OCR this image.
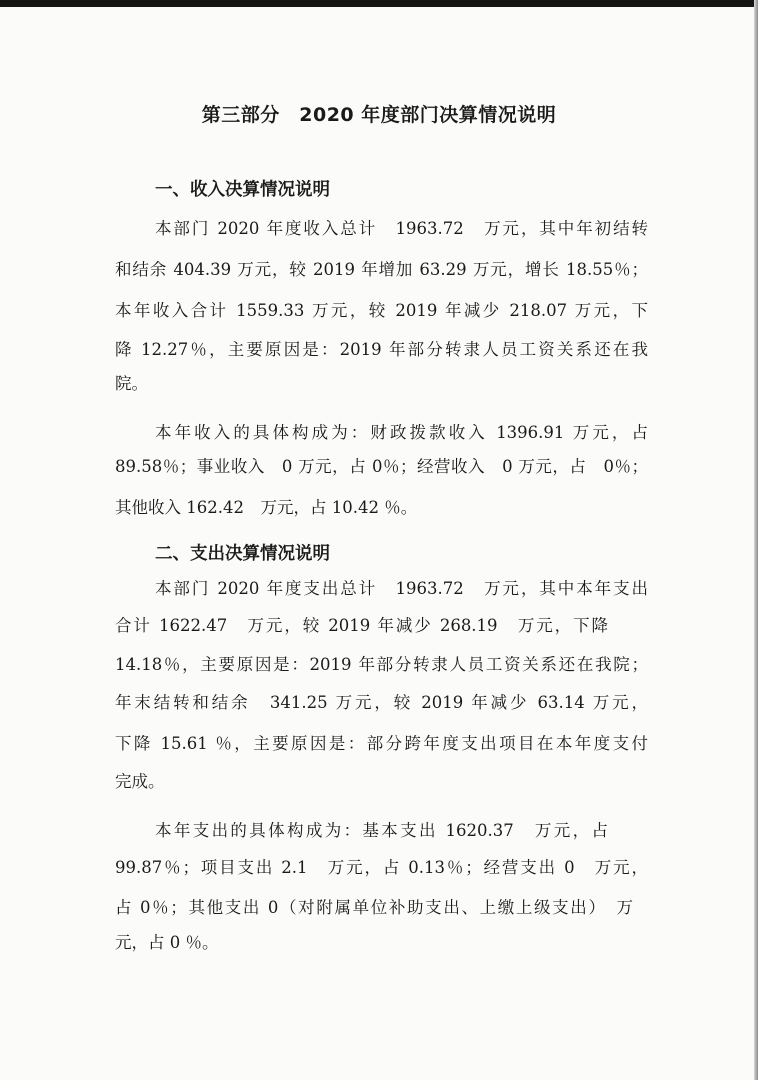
第三部分　2020 年度部门决算情况说明
一、收入决算情况说明
本部门 2020 年度收入总计　1963.72　万元，其中年初结转
和结余 404.39 万元，较 2019 年增加 63.29 万元，增长 18.55％；
本年收入合计 1559.33 万元，较 2019 年减少 218.07 万元，下
降 12.27％，主要原因是：2019 年部分转隶人员工资关系还在我
院。
本年收入的具体构成为：财政拨款收入 1396.91 万元，占
89.58％；事业收入　0 万元，占 0％；经营收入　0 万元，占　0％；
其他收入 162.42　万元，占 10.42 ％。
二、支出决算情况说明
本部门 2020 年度支出总计　1963.72　万元，其中本年支出
合计 1622.47　万元，较 2019 年减少 268.19　万元，下降
14.18％，主要原因是：2019 年部分转隶人员工资关系还在我院；
年末结转和结余　341.25 万元，较 2019 年减少 63.14 万元，
下降 15.61 ％，主要原因是：部分跨年度支出项目在本年度支付
完成。
本年支出的具体构成为：基本支出 1620.37　万元，占
99.87％；项目支出 2.1　万元，占 0.13％；经营支出 0　万元，
占 0％；其他支出 0（对附属单位补助支出、上缴上级支出）　万
元，占 0 ％。
